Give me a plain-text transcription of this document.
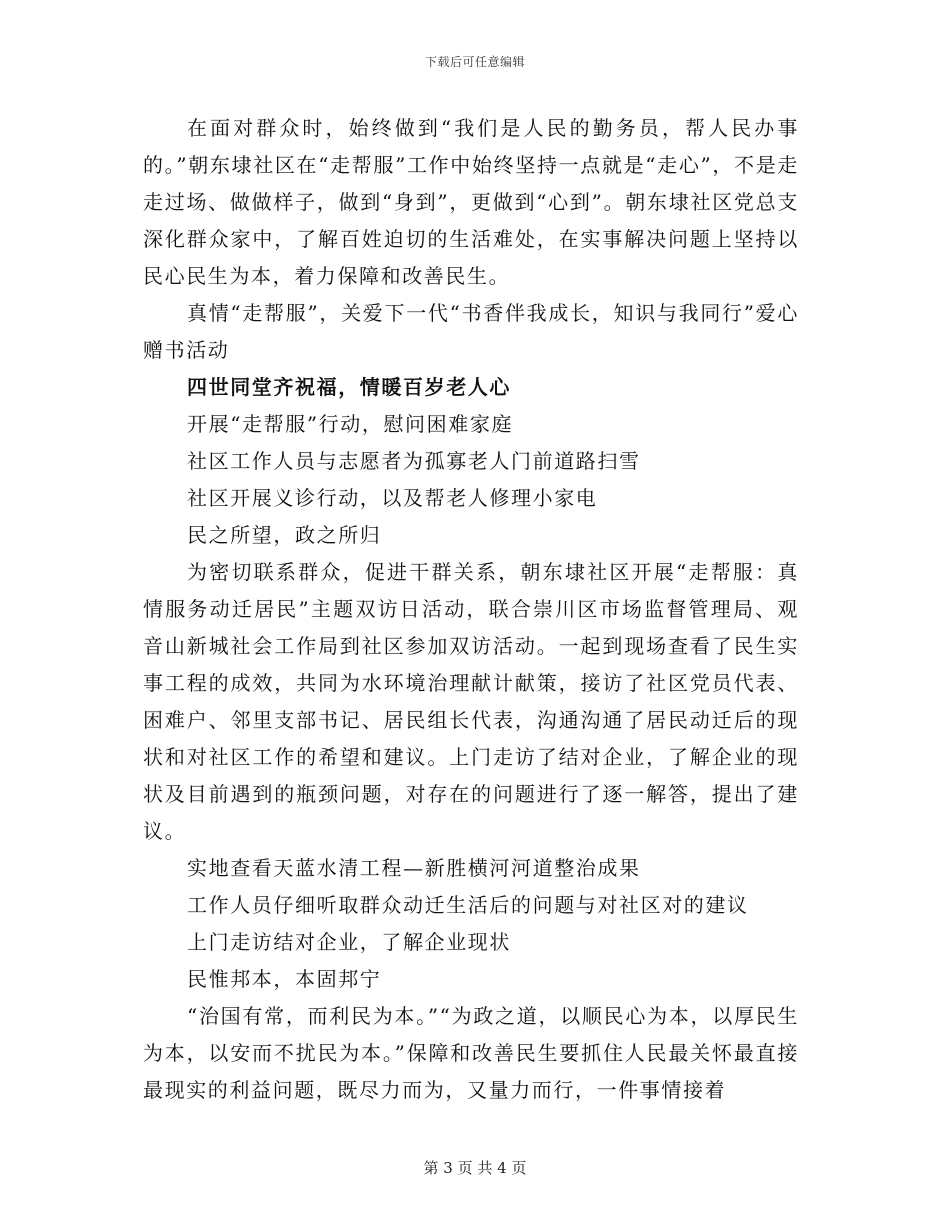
下载后可任意编辑

在面对群众时，始终做到“我们是人民的勤务员，帮人民办事的。”朝东埭社区在“走帮服”工作中始终坚持一点就是“走心”，不是走走过场、做做样子，做到“身到”，更做到“心到”。朝东埭社区党总支深化群众家中，了解百姓迫切的生活难处，在实事解决问题上坚持以民心民生为本，着力保障和改善民生。

真情“走帮服”，关爱下一代“书香伴我成长，知识与我同行”爱心赠书活动

四世同堂齐祝福，情暖百岁老人心

开展“走帮服”行动，慰问困难家庭

社区工作人员与志愿者为孤寡老人门前道路扫雪

社区开展义诊行动，以及帮老人修理小家电

民之所望，政之所归

为密切联系群众，促进干群关系，朝东埭社区开展“走帮服：真情服务动迁居民”主题双访日活动，联合崇川区市场监督管理局、观音山新城社会工作局到社区参加双访活动。一起到现场查看了民生实事工程的成效，共同为水环境治理献计献策，接访了社区党员代表、困难户、邻里支部书记、居民组长代表，沟通沟通了居民动迁后的现状和对社区工作的希望和建议。上门走访了结对企业，了解企业的现状及目前遇到的瓶颈问题，对存在的问题进行了逐一解答，提出了建议。

实地查看天蓝水清工程—新胜横河河道整治成果

工作人员仔细听取群众动迁生活后的问题与对社区对的建议

上门走访结对企业，了解企业现状

民惟邦本，本固邦宁

“治国有常，而利民为本。”“为政之道，以顺民心为本，以厚民生为本，以安而不扰民为本。”保障和改善民生要抓住人民最关怀最直接最现实的利益问题，既尽力而为，又量力而行，一件事情接着

第 3 页 共 4 页
